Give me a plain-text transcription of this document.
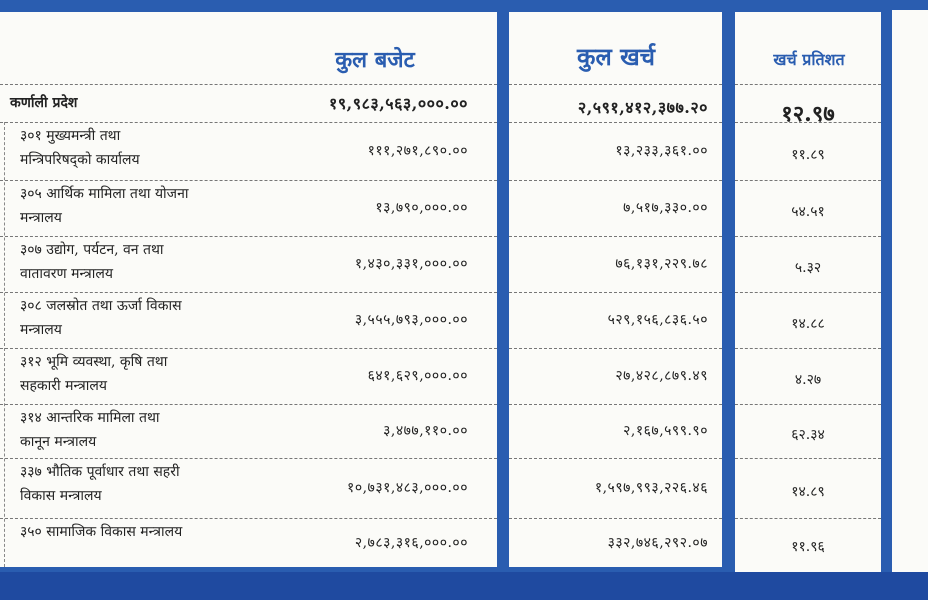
कुल बजेट	कुल खर्च	खर्च प्रतिशत
कर्णाली प्रदेश	१९,९८३,५६३,०००.००	२,५९१,४१२,३७७.२०	१२.९७
३०१ मुख्यमन्त्री तथा
मन्त्रिपरिषद्को कार्यालय
१११,२७१,८९०.००	१३,२३३,३६१.००	११.८९
३०५ आर्थिक मामिला तथा योजना
मन्त्रालय
१३,७९०,०००.००	७,५१७,३३०.००	५४.५१
३०७ उद्योग, पर्यटन, वन तथा
वातावरण मन्त्रालय
१,४३०,३३१,०००.००	७६,१३१,२२९.७८	५.३२
३०८ जलस्रोत तथा ऊर्जा विकास
मन्त्रालय
३,५५५,७९३,०००.००	५२९,१५६,८३६.५०	१४.८८
३१२ भूमि व्यवस्था, कृषि तथा
सहकारी मन्त्रालय
६४१,६२९,०००.००	२७,४२८,८७९.४९	४.२७
३१४ आन्तरिक मामिला तथा
कानून मन्त्रालय
३,४७७,११०.००	२,१६७,५९९.९०	६२.३४
३३७ भौतिक पूर्वाधार तथा सहरी
विकास मन्त्रालय	१०,७३१,४८३,०००.००	१,५९७,९९३,२२६.४६	१४.८९
३५० सामाजिक विकास मन्त्रालय
२,७८३,३१६,०००.००	३३२,७४६,२९२.०७	११.९६
